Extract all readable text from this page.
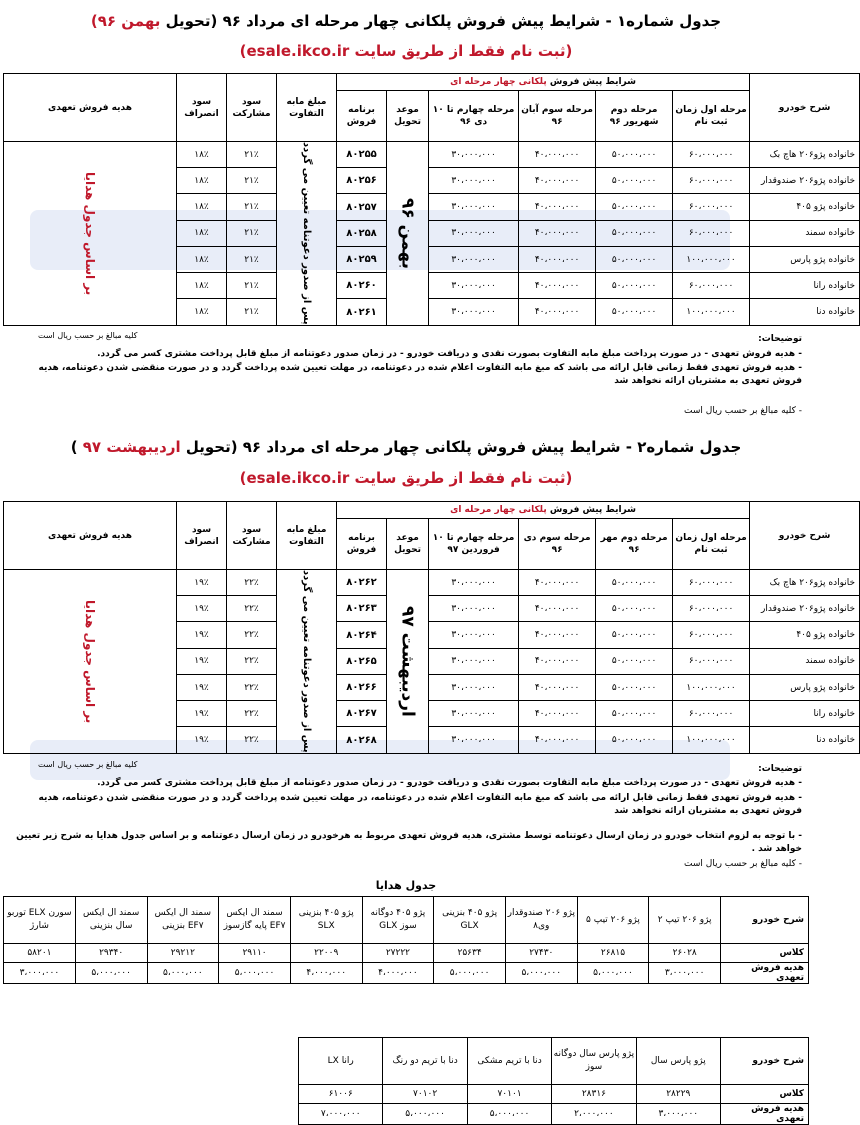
جدول شماره۱ - شرایط پیش فروش پلکانی چهار مرحله ای مرداد ۹۶ (تحویل بهمن ۹۶)
(ثبت نام فقط از طریق سایت esale.ikco.ir)
شرح خودرو	شرایط پیش فروش پلکانی چهار مرحله ای						مبلغ مابه التفاوت	سود مشارکت	سود انصراف	هدیه فروش تعهدی
	مرحله اول زمان ثبت نام	مرحله دوم شهریور ۹۶	مرحله سوم آبان ۹۶	مرحله چهارم تا ۱۰ دی ۹۶	موعد تحویل	برنامه فروش				
خانواده پژو۲۰۶ هاچ بک	۶۰،۰۰۰،۰۰۰	۵۰،۰۰۰،۰۰۰	۴۰،۰۰۰،۰۰۰	۳۰،۰۰۰،۰۰۰	بهمن ۹۶	۸۰۲۵۵	پس از صدور دعوتنامه تعیین می گردد	۲۱٪	۱۸٪	بر اساس جدول هدایا

خانواده پژو۲۰۶ صندوقدار	۶۰،۰۰۰،۰۰۰	۵۰،۰۰۰،۰۰۰	۴۰،۰۰۰،۰۰۰	۳۰،۰۰۰،۰۰۰		۸۰۲۵۶		۲۱٪	۱۸٪	
خانواده پژو ۴۰۵	۶۰،۰۰۰،۰۰۰	۵۰،۰۰۰،۰۰۰	۴۰،۰۰۰،۰۰۰	۳۰،۰۰۰،۰۰۰		۸۰۲۵۷		۲۱٪	۱۸٪	
خانواده سمند	۶۰،۰۰۰،۰۰۰	۵۰،۰۰۰،۰۰۰	۴۰،۰۰۰،۰۰۰	۳۰،۰۰۰،۰۰۰		۸۰۲۵۸		۲۱٪	۱۸٪	
خانواده پژو پارس	۱۰۰،۰۰۰،۰۰۰	۵۰،۰۰۰،۰۰۰	۴۰،۰۰۰،۰۰۰	۳۰،۰۰۰،۰۰۰		۸۰۲۵۹		۲۱٪	۱۸٪	
خانواده رانا	۶۰،۰۰۰،۰۰۰	۵۰،۰۰۰،۰۰۰	۴۰،۰۰۰،۰۰۰	۳۰،۰۰۰،۰۰۰		۸۰۲۶۰		۲۱٪	۱۸٪	
خانواده دنا	۱۰۰،۰۰۰،۰۰۰	۵۰،۰۰۰،۰۰۰	۴۰،۰۰۰،۰۰۰	۳۰،۰۰۰،۰۰۰		۸۰۲۶۱		۲۱٪	۱۸٪	
کلیه مبالغ بر حسب ریال است	توضیحات:
- هدیه فروش تعهدی - در صورت پرداخت مبلغ مابه التفاوت بصورت نقدی و دریافت خودرو - در زمان صدور دعوتنامه از مبلغ قابل پرداخت مشتری کسر می گردد.
- هدیه فروش تعهدی فقط زمانی قابل ارائه می باشد که مبغ مابه التفاوت اعلام شده در دعوتنامه، در مهلت تعیین شده پرداخت گردد و در صورت منقضی شدن دعوتنامه، هدیه فروش تعهدی به مشتریان ارائه نخواهد شد
- کلیه مبالغ بر حسب ریال است
جدول شماره۲ - شرایط پیش فروش پلکانی چهار مرحله ای مرداد ۹۶ (تحویل اردیبهشت ۹۷ )
(ثبت نام فقط از طریق سایت esale.ikco.ir)
شرح خودرو	شرایط پیش فروش پلکانی چهار مرحله ای						مبلغ مابه التفاوت	سود مشارکت	سود انصراف	هدیه فروش تعهدی
	مرحله اول زمان ثبت نام	مرحله دوم مهر ۹۶	مرحله سوم دی ۹۶	مرحله چهارم تا ۱۰ فروردین ۹۷	موعد تحویل	برنامه فروش				
خانواده پژو۲۰۶ هاچ بک	۶۰،۰۰۰،۰۰۰	۵۰،۰۰۰،۰۰۰	۴۰،۰۰۰،۰۰۰	۳۰،۰۰۰،۰۰۰	اردیبهشت ۹۷	۸۰۲۶۲	پس از صدور دعوتنامه تعیین می گردد	۲۲٪	۱۹٪	بر اساس جدول هدایا

خانواده پژو۲۰۶ صندوقدار	۶۰،۰۰۰،۰۰۰	۵۰،۰۰۰،۰۰۰	۴۰،۰۰۰،۰۰۰	۳۰،۰۰۰،۰۰۰		۸۰۲۶۳		۲۲٪	۱۹٪	
خانواده پژو ۴۰۵	۶۰،۰۰۰،۰۰۰	۵۰،۰۰۰،۰۰۰	۴۰،۰۰۰،۰۰۰	۳۰،۰۰۰،۰۰۰		۸۰۲۶۴		۲۲٪	۱۹٪	
خانواده سمند	۶۰،۰۰۰،۰۰۰	۵۰،۰۰۰،۰۰۰	۴۰،۰۰۰،۰۰۰	۳۰،۰۰۰،۰۰۰		۸۰۲۶۵		۲۲٪	۱۹٪	
خانواده پژو پارس	۱۰۰،۰۰۰،۰۰۰	۵۰،۰۰۰،۰۰۰	۴۰،۰۰۰،۰۰۰	۳۰،۰۰۰،۰۰۰		۸۰۲۶۶		۲۲٪	۱۹٪	
خانواده رانا	۶۰،۰۰۰،۰۰۰	۵۰،۰۰۰،۰۰۰	۴۰،۰۰۰،۰۰۰	۳۰،۰۰۰،۰۰۰		۸۰۲۶۷		۲۲٪	۱۹٪	
خانواده دنا	۱۰۰،۰۰۰،۰۰۰	۵۰،۰۰۰،۰۰۰	۴۰،۰۰۰،۰۰۰	۳۰،۰۰۰،۰۰۰		۸۰۲۶۸		۲۲٪	۱۹٪	
کلیه مبالغ بر حسب ریال است	توضیحات:
- هدیه فروش تعهدی - در صورت پرداخت مبلغ مابه التفاوت بصورت نقدی و دریافت خودرو - در زمان صدور دعوتنامه از مبلغ قابل پرداخت مشتری کسر می گردد.
- هدیه فروش تعهدی فقط زمانی قابل ارائه می باشد که مبغ مابه التفاوت اعلام شده در دعوتنامه، در مهلت تعیین شده پرداخت گردد و در صورت منقضی شدن دعوتنامه، هدیه فروش تعهدی به مشتریان ارائه نخواهد شد
- با توجه به لزوم انتخاب خودرو در زمان ارسال دعوتنامه توسط مشتری، هدیه فروش تعهدی مربوط به هرخودرو در زمان ارسال دعوتنامه و بر اساس جدول هدایا به شرح زیر تعیین خواهد شد .
- کلیه مبالغ بر حسب ریال است
جدول هدایا
شرح خودرو	پژو ۲۰۶ تیپ ۲	پژو ۲۰۶ تیپ ۵	پژو ۲۰۶ صندوقدار وی۸	پژو ۴۰۵ بنزینی GLX	پژو ۴۰۵ دوگانه سوز GLX	پژو ۴۰۵ بنزینی SLX	سمند ال ایکس EF۷ پایه گازسوز	سمند ال ایکس EF۷ بنزینی	سمند ال ایکس سال بنزینی	سورن ELX توربو شارژ
کلاس	۲۶۰۲۸	۲۶۸۱۵	۲۷۴۳۰	۲۵۶۳۴	۲۷۲۲۲	۲۲۰۰۹	۲۹۱۱۰	۲۹۲۱۲	۲۹۳۴۰	۵۸۲۰۱
هدیه فروش تعهدی	۳،۰۰۰،۰۰۰	۵،۰۰۰،۰۰۰	۵،۰۰۰،۰۰۰	۵،۰۰۰،۰۰۰	۴،۰۰۰،۰۰۰	۴،۰۰۰،۰۰۰	۵،۰۰۰،۰۰۰	۵،۰۰۰،۰۰۰	۵،۰۰۰،۰۰۰	۳،۰۰۰،۰۰۰
شرح خودرو	پژو پارس سال	پژو پارس سال دوگانه سوز	دنا با تریم مشکی	دنا با تریم دو رنگ	رانا LX
کلاس	۲۸۲۲۹	۲۸۳۱۶	۷۰۱۰۱	۷۰۱۰۲	۶۱۰۰۶
هدیه فروش تعهدی	۳،۰۰۰،۰۰۰	۲،۰۰۰،۰۰۰	۵،۰۰۰،۰۰۰	۵،۰۰۰،۰۰۰	۷،۰۰۰،۰۰۰
